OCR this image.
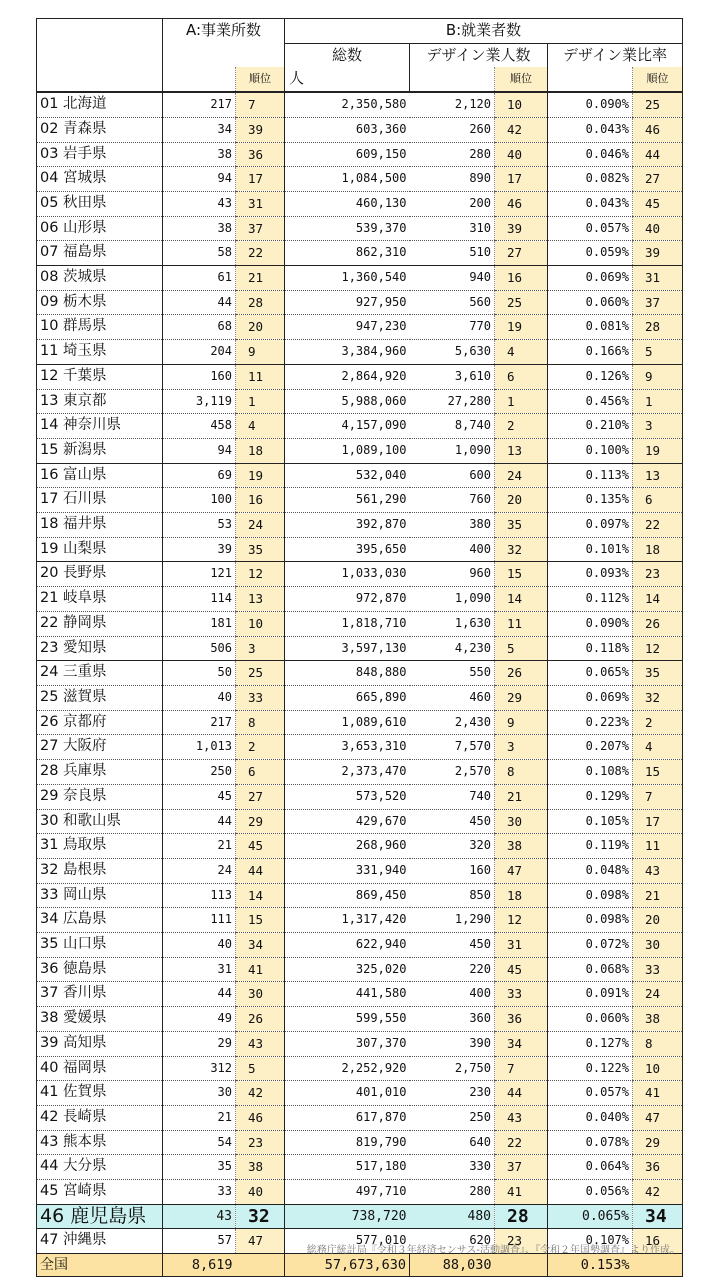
	A:事業所数		B:就業者数				
			総数	デザイン業人数		デザイン業比率	
		順位	人		順位		順位
01 北海道	217	7	2,350,580	2,120	10	0.090%	25
02 青森県	34	39	603,360	260	42	0.043%	46
03 岩手県	38	36	609,150	280	40	0.046%	44
04 宮城県	94	17	1,084,500	890	17	0.082%	27
05 秋田県	43	31	460,130	200	46	0.043%	45
06 山形県	38	37	539,370	310	39	0.057%	40
07 福島県	58	22	862,310	510	27	0.059%	39
08 茨城県	61	21	1,360,540	940	16	0.069%	31
09 栃木県	44	28	927,950	560	25	0.060%	37
10 群馬県	68	20	947,230	770	19	0.081%	28
11 埼玉県	204	9	3,384,960	5,630	4	0.166%	5
12 千葉県	160	11	2,864,920	3,610	6	0.126%	9
13 東京都	3,119	1	5,988,060	27,280	1	0.456%	1
14 神奈川県	458	4	4,157,090	8,740	2	0.210%	3
15 新潟県	94	18	1,089,100	1,090	13	0.100%	19
16 富山県	69	19	532,040	600	24	0.113%	13
17 石川県	100	16	561,290	760	20	0.135%	6
18 福井県	53	24	392,870	380	35	0.097%	22
19 山梨県	39	35	395,650	400	32	0.101%	18
20 長野県	121	12	1,033,030	960	15	0.093%	23
21 岐阜県	114	13	972,870	1,090	14	0.112%	14
22 静岡県	181	10	1,818,710	1,630	11	0.090%	26
23 愛知県	506	3	3,597,130	4,230	5	0.118%	12
24 三重県	50	25	848,880	550	26	0.065%	35
25 滋賀県	40	33	665,890	460	29	0.069%	32
26 京都府	217	8	1,089,610	2,430	9	0.223%	2
27 大阪府	1,013	2	3,653,310	7,570	3	0.207%	4
28 兵庫県	250	6	2,373,470	2,570	8	0.108%	15
29 奈良県	45	27	573,520	740	21	0.129%	7
30 和歌山県	44	29	429,670	450	30	0.105%	17
31 鳥取県	21	45	268,960	320	38	0.119%	11
32 島根県	24	44	331,940	160	47	0.048%	43
33 岡山県	113	14	869,450	850	18	0.098%	21
34 広島県	111	15	1,317,420	1,290	12	0.098%	20
35 山口県	40	34	622,940	450	31	0.072%	30
36 徳島県	31	41	325,020	220	45	0.068%	33
37 香川県	44	30	441,580	400	33	0.091%	24
38 愛媛県	49	26	599,550	360	36	0.060%	38
39 高知県	29	43	307,370	390	34	0.127%	8
40 福岡県	312	5	2,252,920	2,750	7	0.122%	10
41 佐賀県	30	42	401,010	230	44	0.057%	41
42 長崎県	21	46	617,870	250	43	0.040%	47
43 熊本県	54	23	819,790	640	22	0.078%	29
44 大分県	35	38	517,180	330	37	0.064%	36
45 宮崎県	33	40	497,710	280	41	0.056%	42
46 鹿児島県	43	32	738,720	480	28	0.065%	34
47 沖縄県	57	47	577,010	620	23	0.107%	16
全国	8,619		57,673,630	88,030		0.153%	
総務庁統計局『令和３年経済センサス‐活動調査』、『令和２年国勢調査』より作成。
